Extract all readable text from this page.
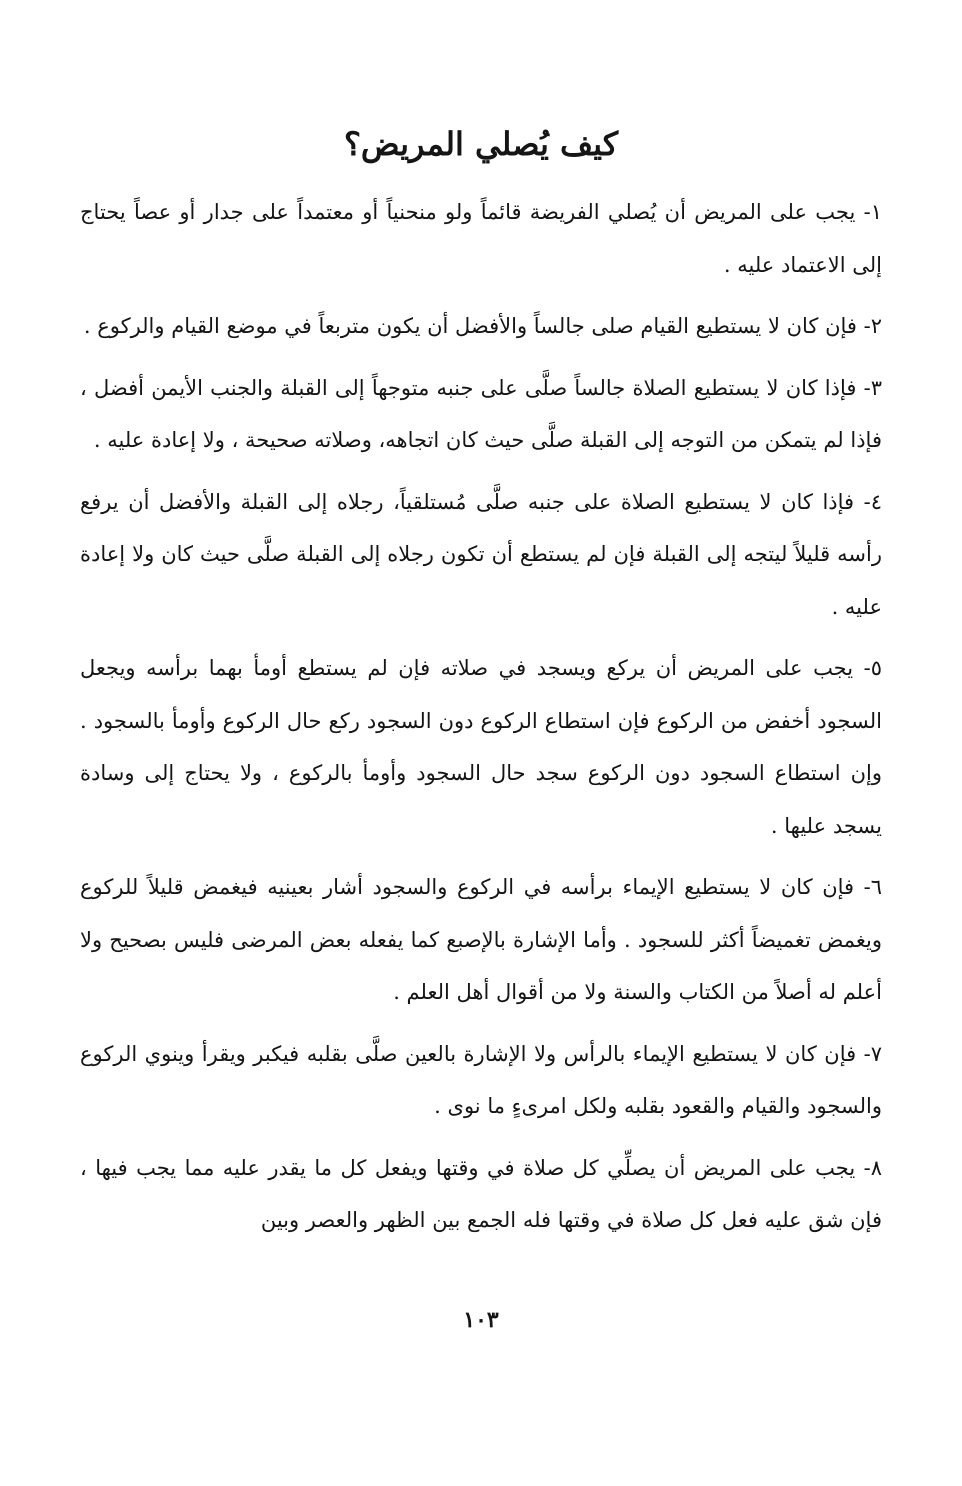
كيف يُصلي المريض؟

١- يجب على المريض أن يُصلي الفريضة قائماً ولو منحنياً أو معتمداً على جدار أو عصاً يحتاج إلى الاعتماد عليه .

٢- فإن كان لا يستطيع القيام صلى جالساً والأفضل أن يكون متربعاً في موضع القيام والركوع .

٣- فإذا كان لا يستطيع الصلاة جالساً صلَّى على جنبه متوجهاً إلى القبلة والجنب الأيمن أفضل ، فإذا لم يتمكن من التوجه إلى القبلة صلَّى حيث كان اتجاهه، وصلاته صحيحة ، ولا إعادة عليه .

٤- فإذا كان لا يستطيع الصلاة على جنبه صلَّى مُستلقياً، رجلاه إلى القبلة والأفضل أن يرفع رأسه قليلاً ليتجه إلى القبلة فإن لم يستطع أن تكون رجلاه إلى القبلة صلَّى حيث كان ولا إعادة عليه .

٥- يجب على المريض أن يركع ويسجد في صلاته فإن لم يستطع أومأ بهما برأسه ويجعل السجود أخفض من الركوع فإن استطاع الركوع دون السجود ركع حال الركوع وأومأ بالسجود . وإن استطاع السجود دون الركوع سجد حال السجود وأومأ بالركوع ، ولا يحتاج إلى وسادة يسجد عليها .

٦- فإن كان لا يستطيع الإيماء برأسه في الركوع والسجود أشار بعينيه فيغمض قليلاً للركوع ويغمض تغميضاً أكثر للسجود . وأما الإشارة بالإصبع كما يفعله بعض المرضى فليس بصحيح ولا أعلم له أصلاً من الكتاب والسنة ولا من أقوال أهل العلم .

٧- فإن كان لا يستطيع الإيماء بالرأس ولا الإشارة بالعين صلَّى بقلبه فيكبر ويقرأ وينوي الركوع والسجود والقيام والقعود بقلبه ولكل امرىءٍ ما نوى .

٨- يجب على المريض أن يصلِّي كل صلاة في وقتها ويفعل كل ما يقدر عليه مما يجب فيها ، فإن شق عليه فعل كل صلاة في وقتها فله الجمع بين الظهر والعصر وبين

١٠٣
